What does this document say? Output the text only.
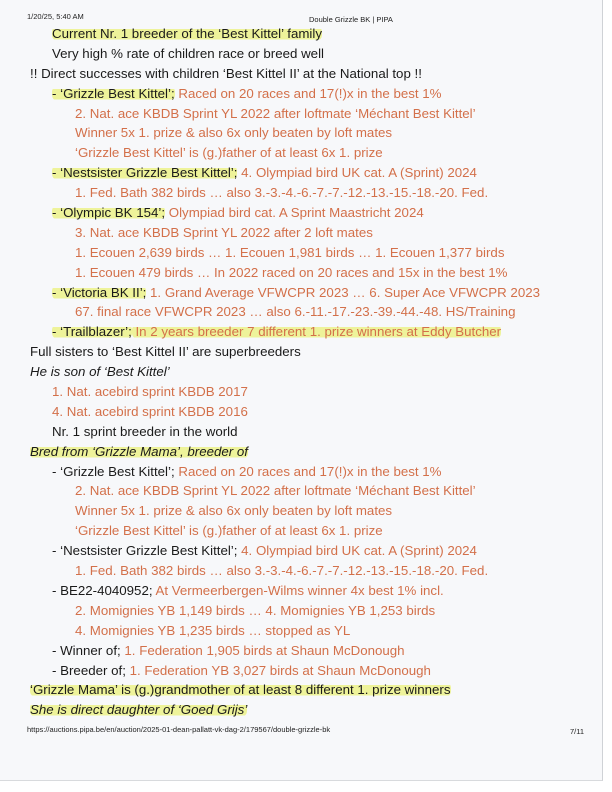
1/20/25, 5:40 AM	Double Grizzle BK | PIPA
Current Nr. 1 breeder of the ‘Best Kittel’ family
Very high % rate of children race or breed well
!! Direct successes with children ‘Best Kittel II’ at the National top !!
- ‘Grizzle Best Kittel’; Raced on 20 races and 17(!)x in the best 1%
2. Nat. ace KBDB Sprint YL 2022 after loftmate ‘Méchant Best Kittel’
Winner 5x 1. prize & also 6x only beaten by loft mates
‘Grizzle Best Kittel’ is (g.)father of at least 6x 1. prize
- ‘Nestsister Grizzle Best Kittel’; 4. Olympiad bird UK cat. A (Sprint) 2024
1. Fed. Bath 382 birds … also 3.-3.-4.-6.-7.-7.-12.-13.-15.-18.-20. Fed.
- ‘Olympic BK 154’; Olympiad bird cat. A Sprint Maastricht 2024
3. Nat. ace KBDB Sprint YL 2022 after 2 loft mates
1. Ecouen 2,639 birds … 1. Ecouen 1,981 birds … 1. Ecouen 1,377 birds
1. Ecouen 479 birds … In 2022 raced on 20 races and 15x in the best 1%
- ‘Victoria BK II’; 1. Grand Average VFWCPR 2023 … 6. Super Ace VFWCPR 2023
67. final race VFWCPR 2023 … also 6.-11.-17.-23.-39.-44.-48. HS/Training
- ‘Trailblazer’; In 2 years breeder 7 different 1. prize winners at Eddy Butcher
Full sisters to ‘Best Kittel II’ are superbreeders
He is son of ‘Best Kittel’
1. Nat. acebird sprint KBDB 2017
4. Nat. acebird sprint KBDB 2016
Nr. 1 sprint breeder in the world
Bred from ‘Grizzle Mama’, breeder of
- ‘Grizzle Best Kittel’; Raced on 20 races and 17(!)x in the best 1%
2. Nat. ace KBDB Sprint YL 2022 after loftmate ‘Méchant Best Kittel’
Winner 5x 1. prize & also 6x only beaten by loft mates
‘Grizzle Best Kittel’ is (g.)father of at least 6x 1. prize
- ‘Nestsister Grizzle Best Kittel’; 4. Olympiad bird UK cat. A (Sprint) 2024
1. Fed. Bath 382 birds … also 3.-3.-4.-6.-7.-7.-12.-13.-15.-18.-20. Fed.
- BE22-4040952; At Vermeerbergen-Wilms winner 4x best 1% incl.
2. Momignies YB 1,149 birds … 4. Momignies YB 1,253 birds
4. Momignies YB 1,235 birds … stopped as YL
- Winner of; 1. Federation 1,905 birds at Shaun McDonough
- Breeder of; 1. Federation YB 3,027 birds at Shaun McDonough
‘Grizzle Mama’ is (g.)grandmother of at least 8 different 1. prize winners
She is direct daughter of ‘Goed Grijs’
https://auctions.pipa.be/en/auction/2025-01-dean-pallatt-vk-dag-2/179567/double-grizzle-bk	7/11
